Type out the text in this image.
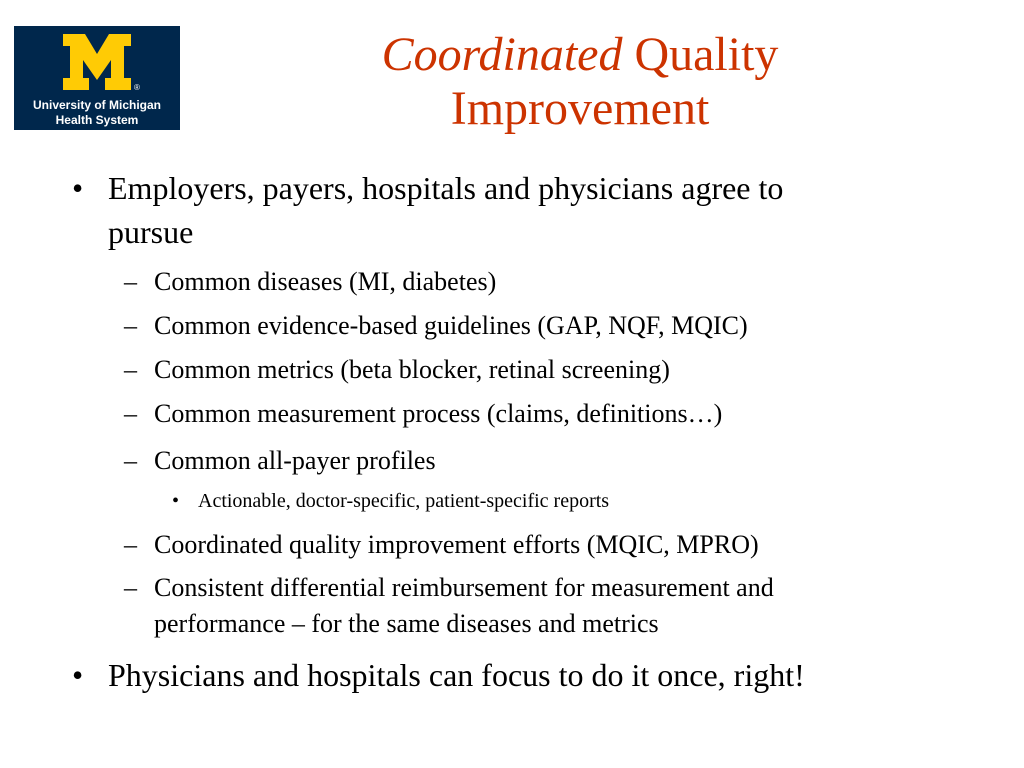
®
University of Michigan
Health System
Coordinated Quality
Improvement
• Employers, payers, hospitals and physicians agree to
pursue
– Common diseases (MI, diabetes)
– Common evidence-based guidelines (GAP, NQF, MQIC)
– Common metrics (beta blocker, retinal screening)
– Common measurement process (claims, definitions…)
– Common all-payer profiles
• Actionable, doctor-specific, patient-specific reports
– Coordinated quality improvement efforts (MQIC, MPRO)
– Consistent differential reimbursement for measurement and
performance – for the same diseases and metrics
• Physicians and hospitals can focus to do it once, right!
